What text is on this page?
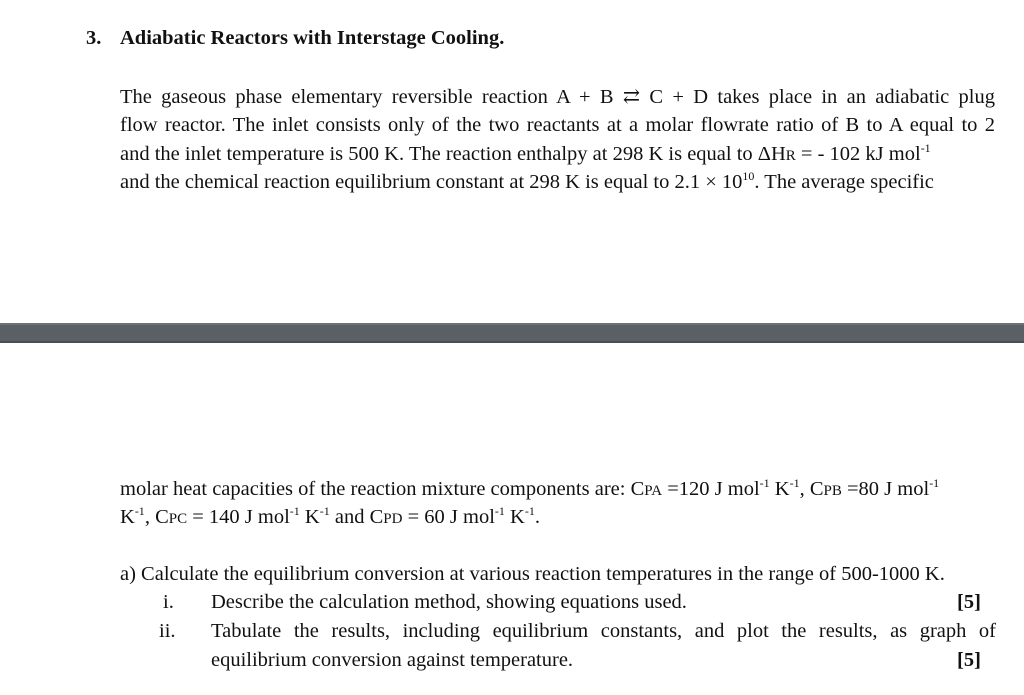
3. Adiabatic Reactors with Interstage Cooling.
The gaseous phase elementary reversible reaction A + B ⇄ C + D takes place in an adiabatic plug
flow reactor. The inlet consists only of the two reactants at a molar flowrate ratio of B to A equal to 2
and the inlet temperature is 500 K. The reaction enthalpy at 298 K is equal to ΔHR = - 102 kJ mol$^{-1}$
and the chemical reaction equilibrium constant at 298 K is equal to $2.1 \times 10^{10}$. The average specific
molar heat capacities of the reaction mixture components are: CPA =120 J mol$^{-1}$ $K^{-1}$, CPB =80 J mol$^{-1}$
$K^{-1}$, CPC = 140 J mol$^{-1}$ $K^{-1}$ and CPD = 60 J mol$^{-1}$ $K^{-1}$.
a) Calculate the equilibrium conversion at various reaction temperatures in the range of 500-1000 K.
i. Describe the calculation method, showing equations used.	[5]
ii. Tabulate the results, including equilibrium constants, and plot the results, as graph of
equilibrium conversion against temperature.	[5]
